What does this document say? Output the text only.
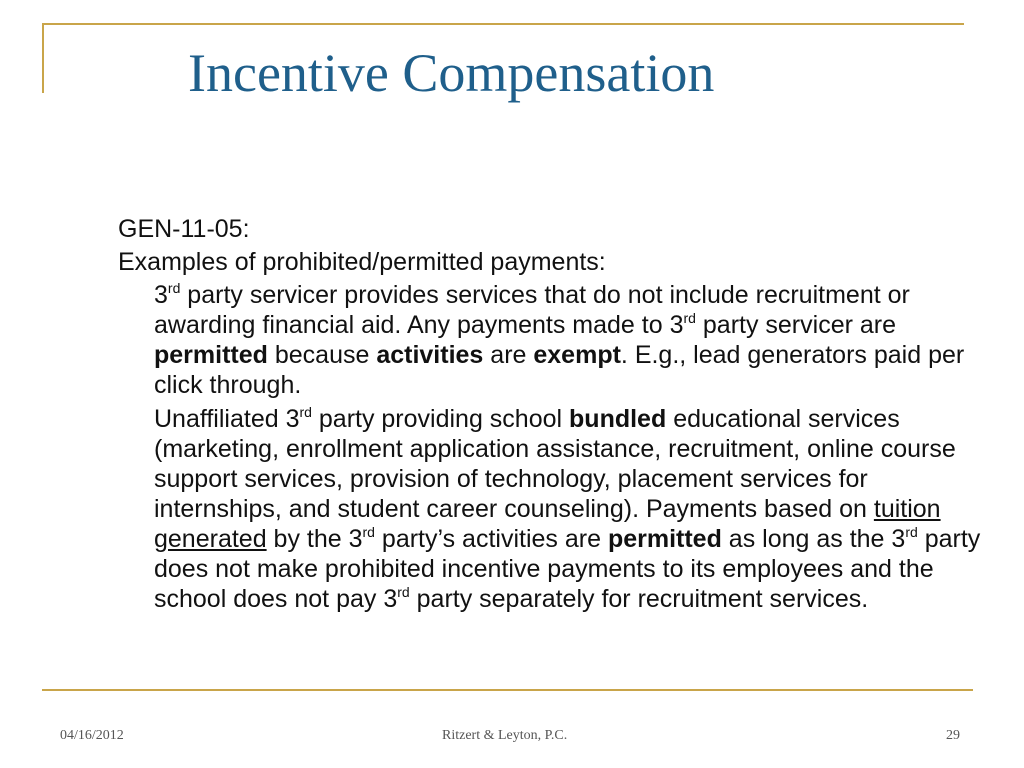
Incentive Compensation
GEN-11-05:
Examples of prohibited/permitted payments:

3rd party servicer provides services that do not include recruitment or awarding financial aid. Any payments made to 3rd party servicer are permitted because activities are exempt. E.g., lead generators paid per click through.

Unaffiliated 3rd party providing school bundled educational services (marketing, enrollment application assistance, recruitment, online course support services, provision of technology, placement services for internships, and student career counseling). Payments based on tuition generated by the 3rd party’s activities are permitted as long as the 3rd party does not make prohibited incentive payments to its employees and the school does not pay 3rd party separately for recruitment services.

04/16/2012	Ritzert & Leyton, P.C.	29
